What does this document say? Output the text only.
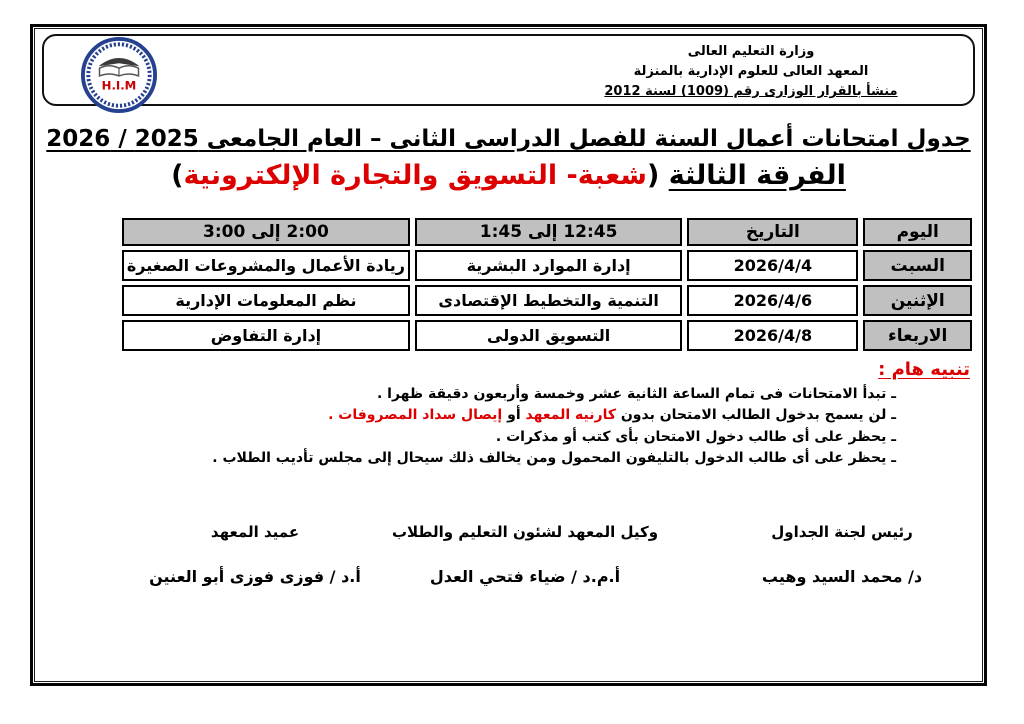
H.I.M
وزارة التعليم العالى
المعهد العالى للعلوم الإدارية بالمنزلة
منشأ بالقرار الوزارى رقم (1009) لسنة 2012
جدول امتحانات أعمال السنة للفصل الدراسى الثانى – العام الجامعى 2025 / 2026
الفرقة الثالثة (شعبة- التسويق والتجارة الإلكترونية)
اليوم	التاريخ	12:45 إلى 1:45	2:00 إلى 3:00
السبت	2026/4/4	إدارة الموارد البشرية	ريادة الأعمال والمشروعات الصغيرة
الإثنين	2026/4/6	التنمية والتخطيط الإقتصادى	نظم المعلومات الإدارية
الاربعاء	2026/4/8	التسويق الدولى	إدارة التفاوض
تنبيه هام :
ـ تبدأ الامتحانات فى تمام الساعة الثانية عشر وخمسة وأربعون دقيقة ظهرا .
ـ لن يسمح بدخول الطالب الامتحان بدون كارنيه المعهد أو إيصال سداد المصروفات .
ـ يحظر على أى طالب دخول الامتحان بأى كتب أو مذكرات .
ـ يحظر على أى طالب الدخول بالتليفون المحمول ومن يخالف ذلك سيحال إلى مجلس تأديب الطلاب .
رئيس لجنة الجداول
د/ محمد السيد وهيب
وكيل المعهد لشئون التعليم والطلاب
أ.م.د / ضياء فتحي العدل
عميد المعهد
أ.د / فوزى فوزى أبو العنين
